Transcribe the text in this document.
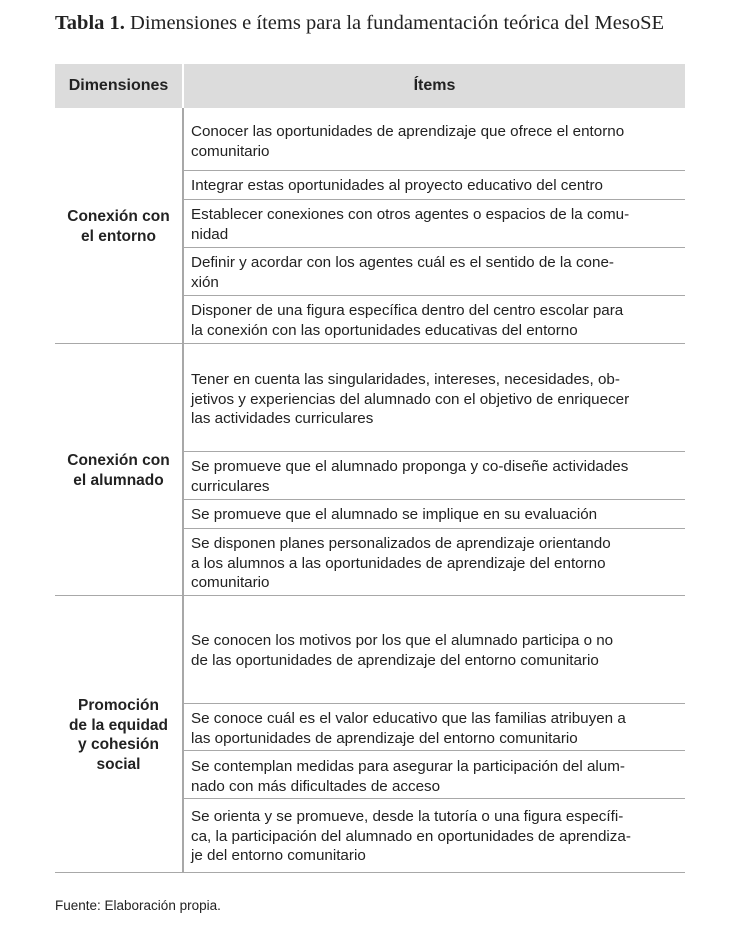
Tabla 1. Dimensiones e ítems para la fundamentación teórica del MesoSE
Dimensiones	Ítems
Conexión con
el entorno
Conocer las oportunidades de aprendizaje que ofrece el entorno
comunitario
Integrar estas oportunidades al proyecto educativo del centro
Establecer conexiones con otros agentes o espacios de la comu-
nidad
Definir y acordar con los agentes cuál es el sentido de la cone-
xión
Disponer de una figura específica dentro del centro escolar para
la conexión con las oportunidades educativas del entorno
Conexión con
el alumnado
Tener en cuenta las singularidades, intereses, necesidades, ob-
jetivos y experiencias del alumnado con el objetivo de enriquecer
las actividades curriculares
Se promueve que el alumnado proponga y co-diseñe actividades
curriculares
Se promueve que el alumnado se implique en su evaluación
Se disponen planes personalizados de aprendizaje orientando
a los alumnos a las oportunidades de aprendizaje del entorno
comunitario
Promoción
de la equidad
y cohesión
social
Se conocen los motivos por los que el alumnado participa o no
de las oportunidades de aprendizaje del entorno comunitario
Se conoce cuál es el valor educativo que las familias atribuyen a
las oportunidades de aprendizaje del entorno comunitario
Se contemplan medidas para asegurar la participación del alum-
nado con más dificultades de acceso
Se orienta y se promueve, desde la tutoría o una figura específi-
ca, la participación del alumnado en oportunidades de aprendiza-
je del entorno comunitario
Fuente: Elaboración propia.
